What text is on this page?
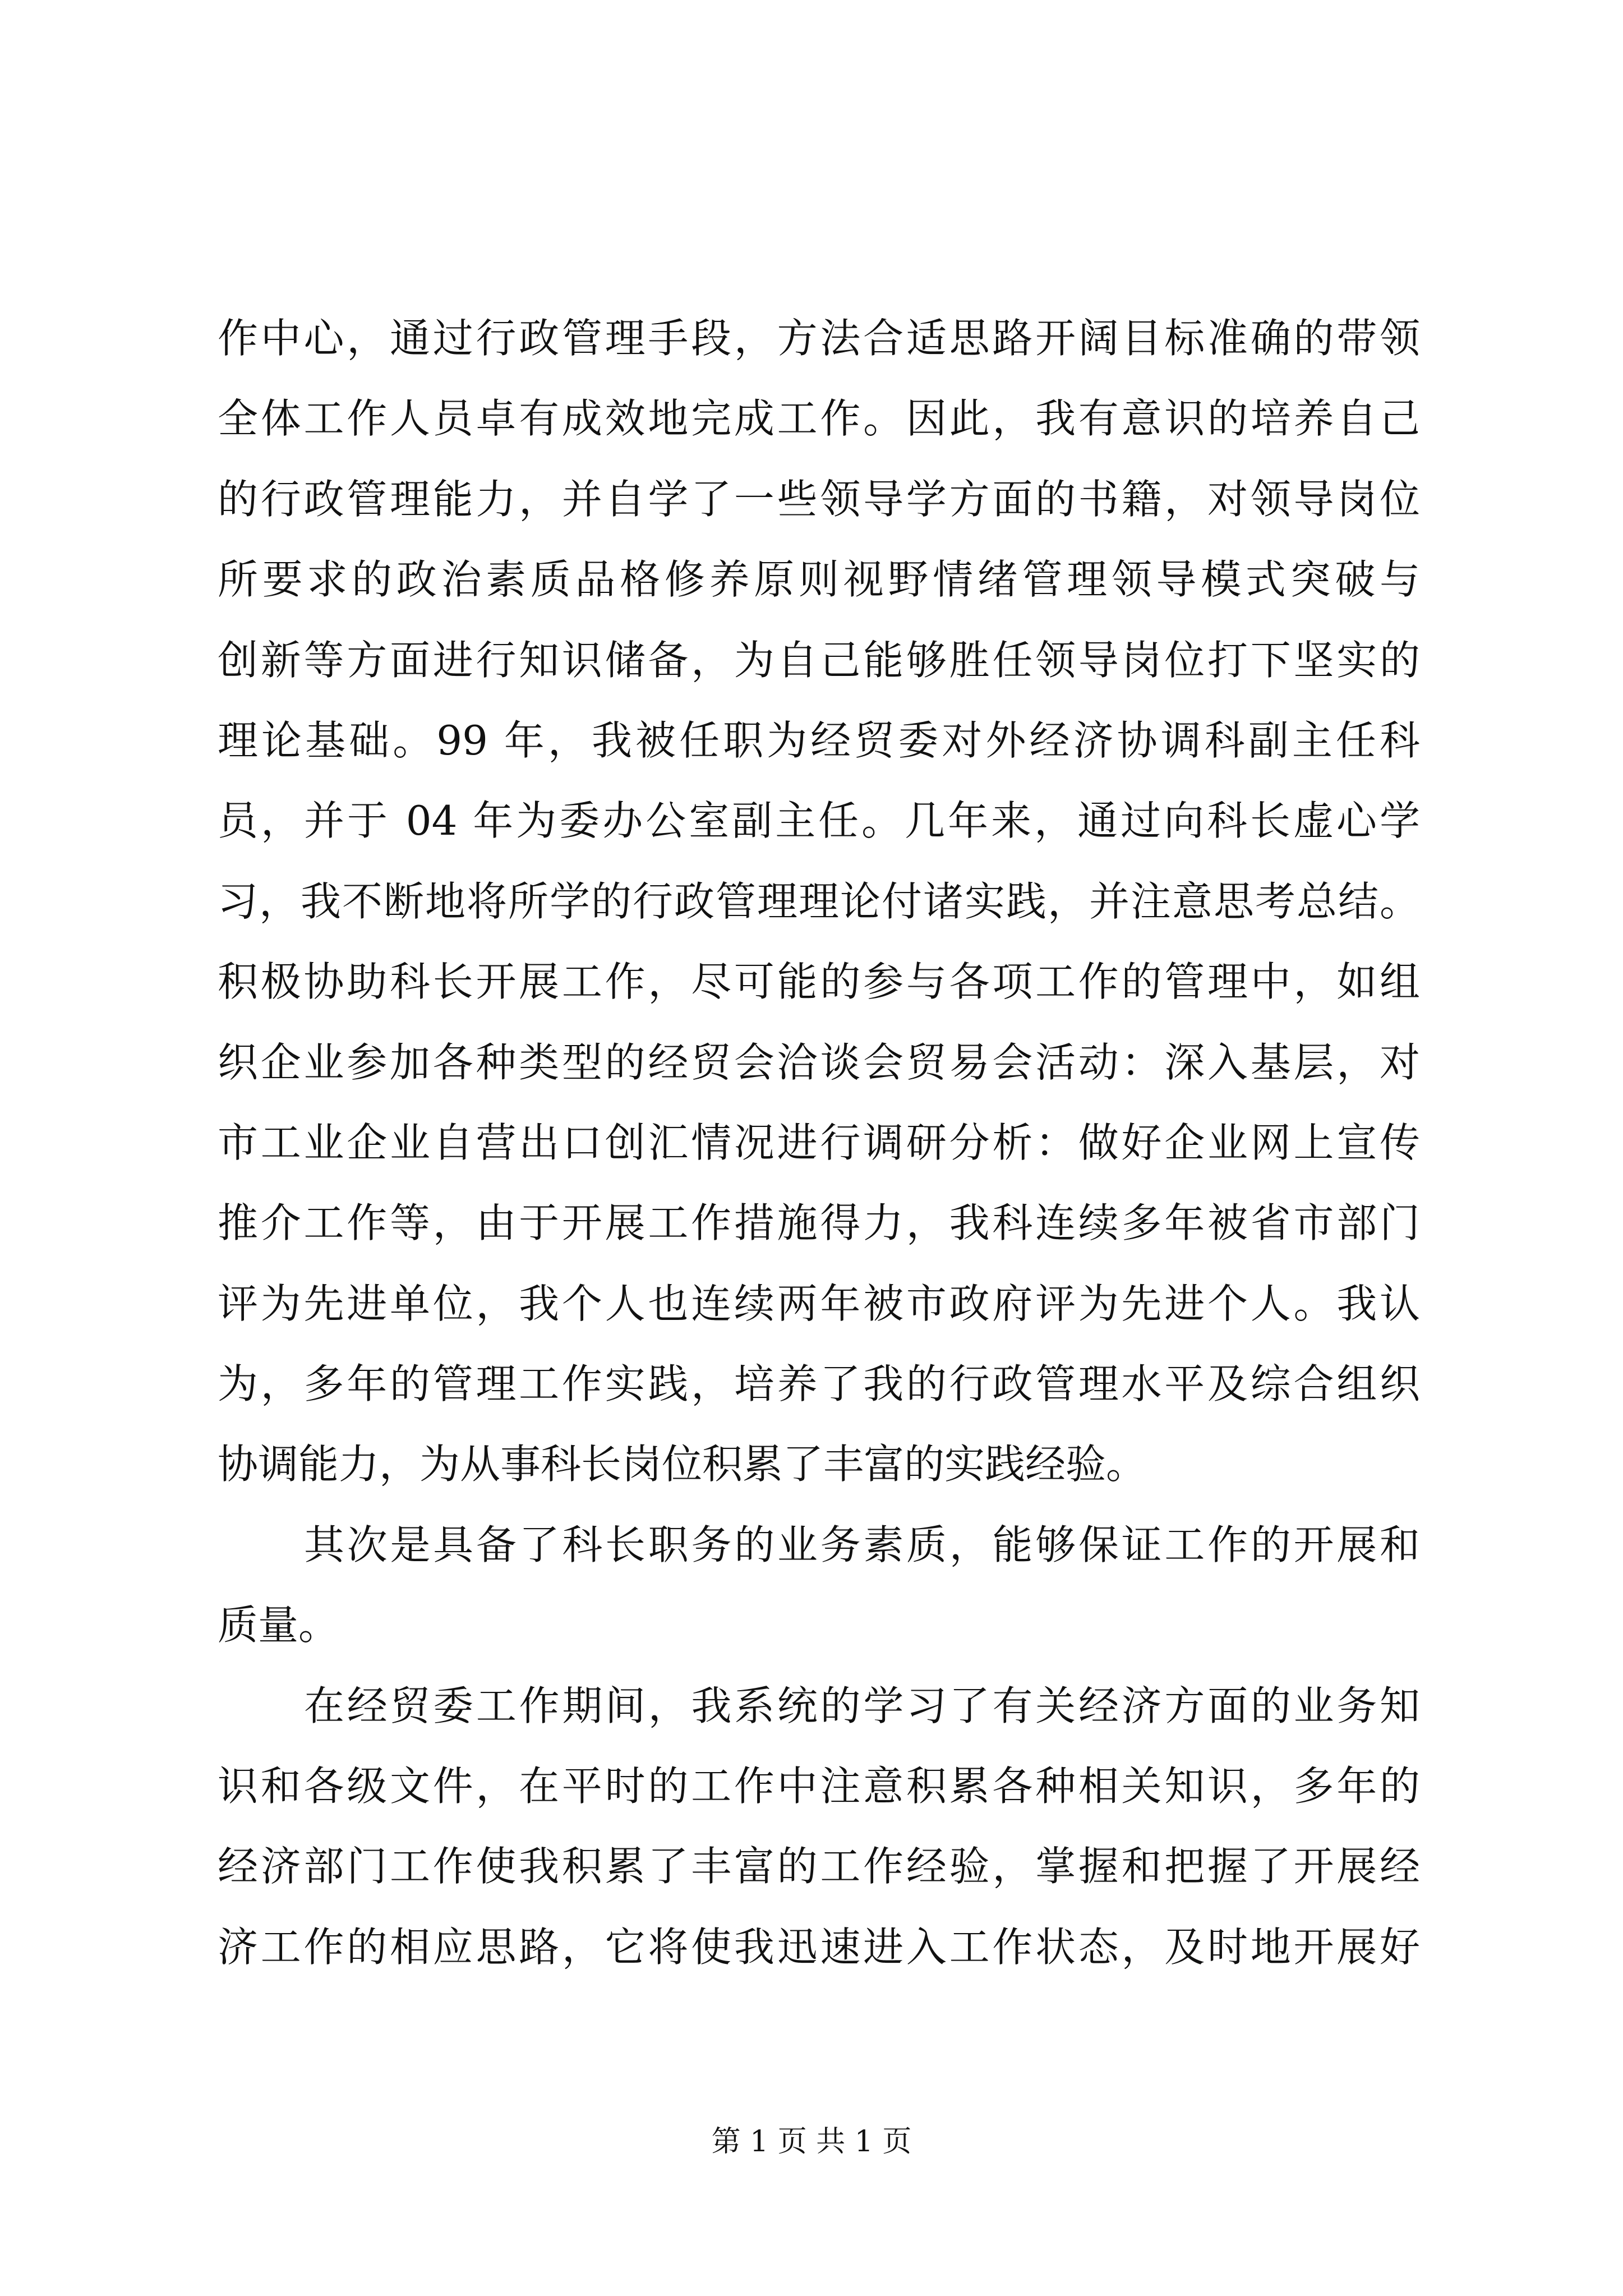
作中心，通过行政管理手段，方法合适思路开阔目标准确的带领
全体工作人员卓有成效地完成工作。因此，我有意识的培养自己
的行政管理能力，并自学了一些领导学方面的书籍，对领导岗位
所要求的政治素质品格修养原则视野情绪管理领导模式突破与
创新等方面进行知识储备，为自己能够胜任领导岗位打下坚实的
理论基础。99 年，我被任职为经贸委对外经济协调科副主任科
员，并于 04 年为委办公室副主任。几年来，通过向科长虚心学
习，我不断地将所学的行政管理理论付诸实践，并注意思考总结。
积极协助科长开展工作，尽可能的参与各项工作的管理中，如组
织企业参加各种类型的经贸会洽谈会贸易会活动：深入基层，对
市工业企业自营出口创汇情况进行调研分析：做好企业网上宣传
推介工作等，由于开展工作措施得力，我科连续多年被省市部门
评为先进单位，我个人也连续两年被市政府评为先进个人。我认
为，多年的管理工作实践，培养了我的行政管理水平及综合组织
协调能力，为从事科长岗位积累了丰富的实践经验。
其次是具备了科长职务的业务素质，能够保证工作的开展和
质量。
在经贸委工作期间，我系统的学习了有关经济方面的业务知
识和各级文件，在平时的工作中注意积累各种相关知识，多年的
经济部门工作使我积累了丰富的工作经验，掌握和把握了开展经
济工作的相应思路，它将使我迅速进入工作状态，及时地开展好
第 1 页 共 1 页
